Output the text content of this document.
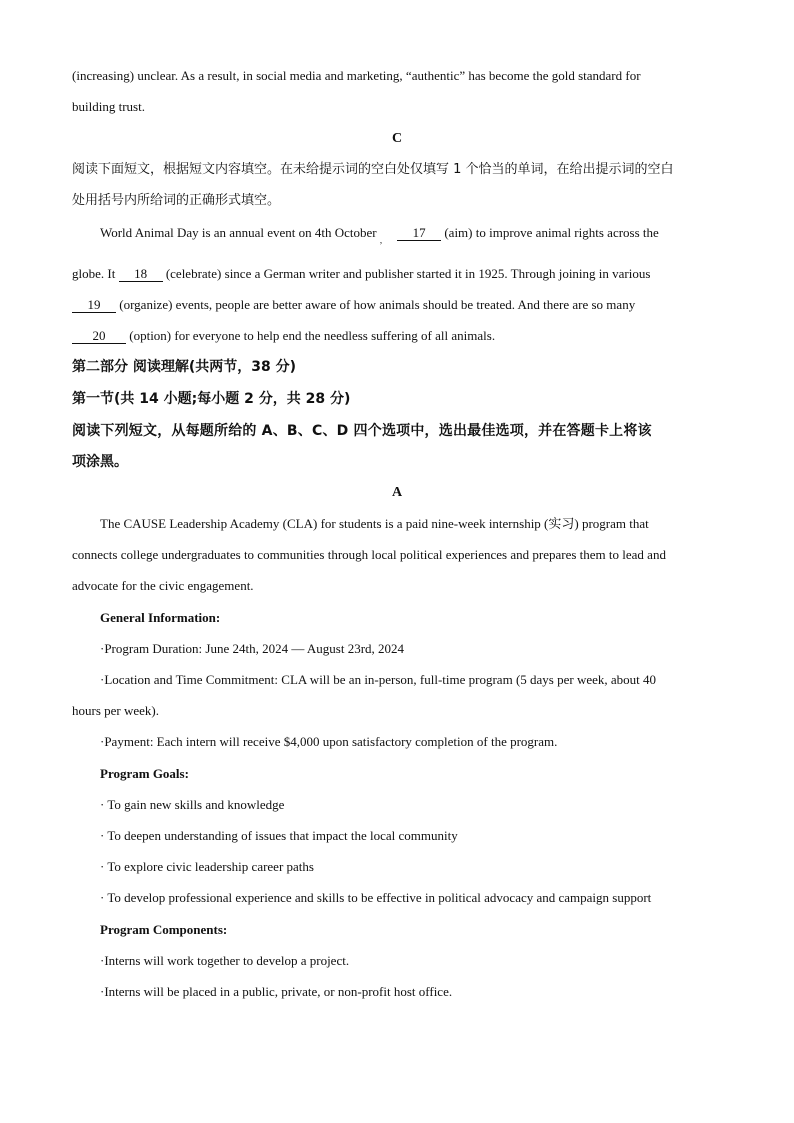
(increasing) unclear. As a result, in social media and marketing, “authentic” has become the gold standard for
building trust.
C
阅读下面短文，根据短文内容填空。在未给提示词的空白处仅填写 1 个恰当的单词，在给出提示词的空白
处用括号内所给词的正确形式填空。
World Animal Day is an annual event on 4th October , 17 (aim) to improve animal rights across the
globe. It 18 (celebrate) since a German writer and publisher started it in 1925. Through joining in various
19 (organize) events, people are better aware of how animals should be treated. And there are so many
20 (option) for everyone to help end the needless suffering of all animals.
第二部分 阅读理解(共两节，38 分)
第一节(共 14 小题;每小题 2 分，共 28 分)
阅读下列短文，从每题所给的 A、B、C、D 四个选项中，选出最佳选项，并在答题卡上将该
项涂黑。
A
The CAUSE Leadership Academy (CLA) for students is a paid nine-week internship (实习) program that
connects college undergraduates to communities through local political experiences and prepares them to lead and
advocate for the civic engagement.
General Information:
·Program Duration: June 24th, 2024 — August 23rd, 2024
·Location and Time Commitment: CLA will be an in-person, full-time program (5 days per week, about 40
hours per week).
·Payment: Each intern will receive $4,000 upon satisfactory completion of the program.
Program Goals:
· To gain new skills and knowledge
· To deepen understanding of issues that impact the local community
· To explore civic leadership career paths
· To develop professional experience and skills to be effective in political advocacy and campaign support
Program Components:
·Interns will work together to develop a project.
·Interns will be placed in a public, private, or non-profit host office.
